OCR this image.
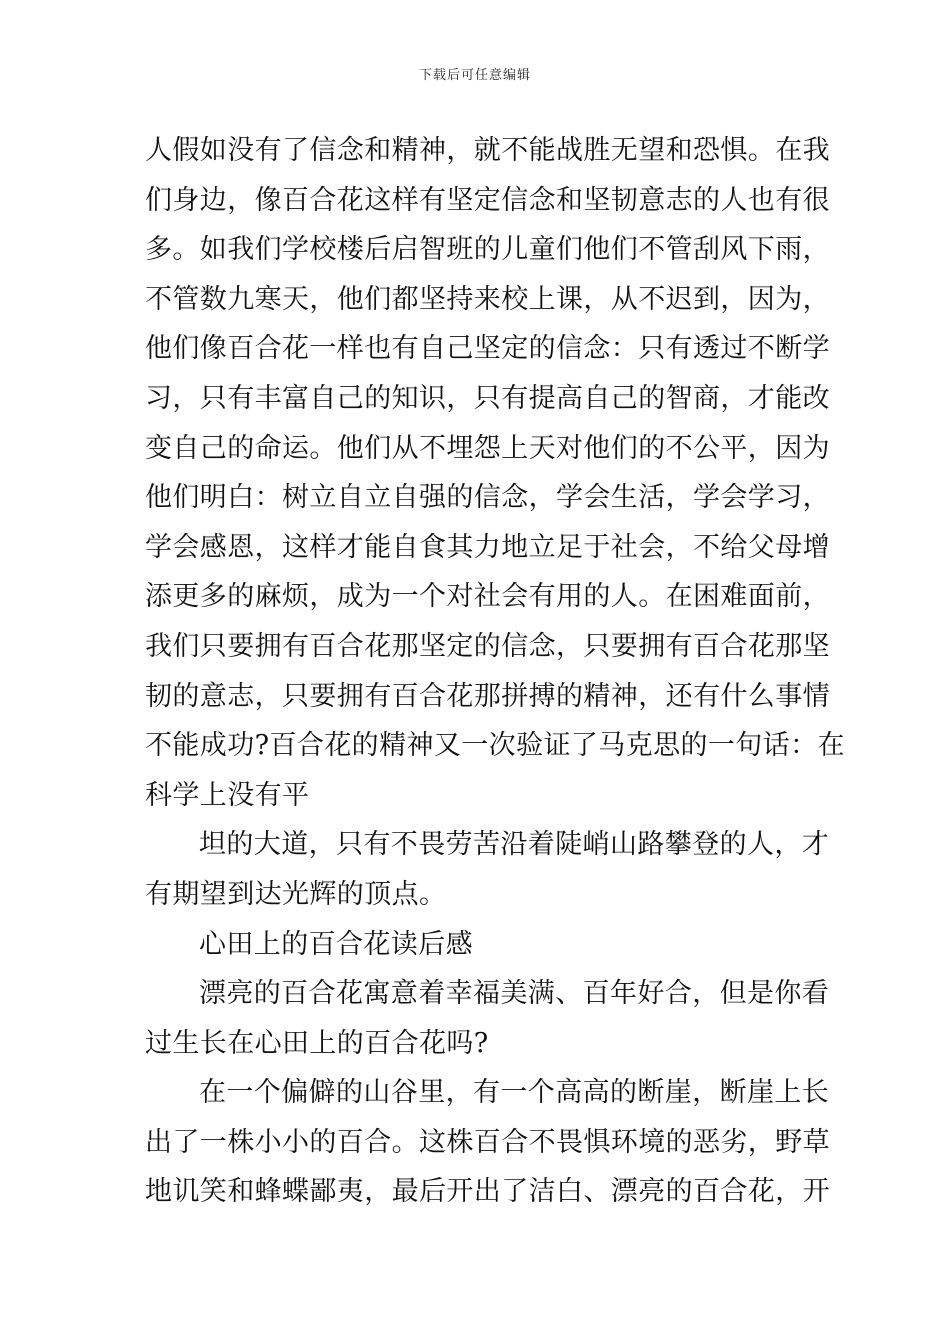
下载后可任意编辑
人假如没有了信念和精神，就不能战胜无望和恐惧。在我
们身边，像百合花这样有坚定信念和坚韧意志的人也有很
多。如我们学校楼后启智班的儿童们他们不管刮风下雨，
不管数九寒天，他们都坚持来校上课，从不迟到，因为，
他们像百合花一样也有自己坚定的信念：只有透过不断学
习，只有丰富自己的知识，只有提高自己的智商，才能改
变自己的命运。他们从不埋怨上天对他们的不公平，因为
他们明白：树立自立自强的信念，学会生活，学会学习，
学会感恩，这样才能自食其力地立足于社会，不给父母增
添更多的麻烦，成为一个对社会有用的人。在困难面前，
我们只要拥有百合花那坚定的信念，只要拥有百合花那坚
韧的意志，只要拥有百合花那拼搏的精神，还有什么事情
不能成功?百合花的精神又一次验证了马克思的一句话：在
科学上没有平
坦的大道，只有不畏劳苦沿着陡峭山路攀登的人，才
有期望到达光辉的顶点。
心田上的百合花读后感
漂亮的百合花寓意着幸福美满、百年好合，但是你看
过生长在心田上的百合花吗?
在一个偏僻的山谷里，有一个高高的断崖，断崖上长
出了一株小小的百合。这株百合不畏惧环境的恶劣，野草
地讥笑和蜂蝶鄙夷，最后开出了洁白、漂亮的百合花，开
